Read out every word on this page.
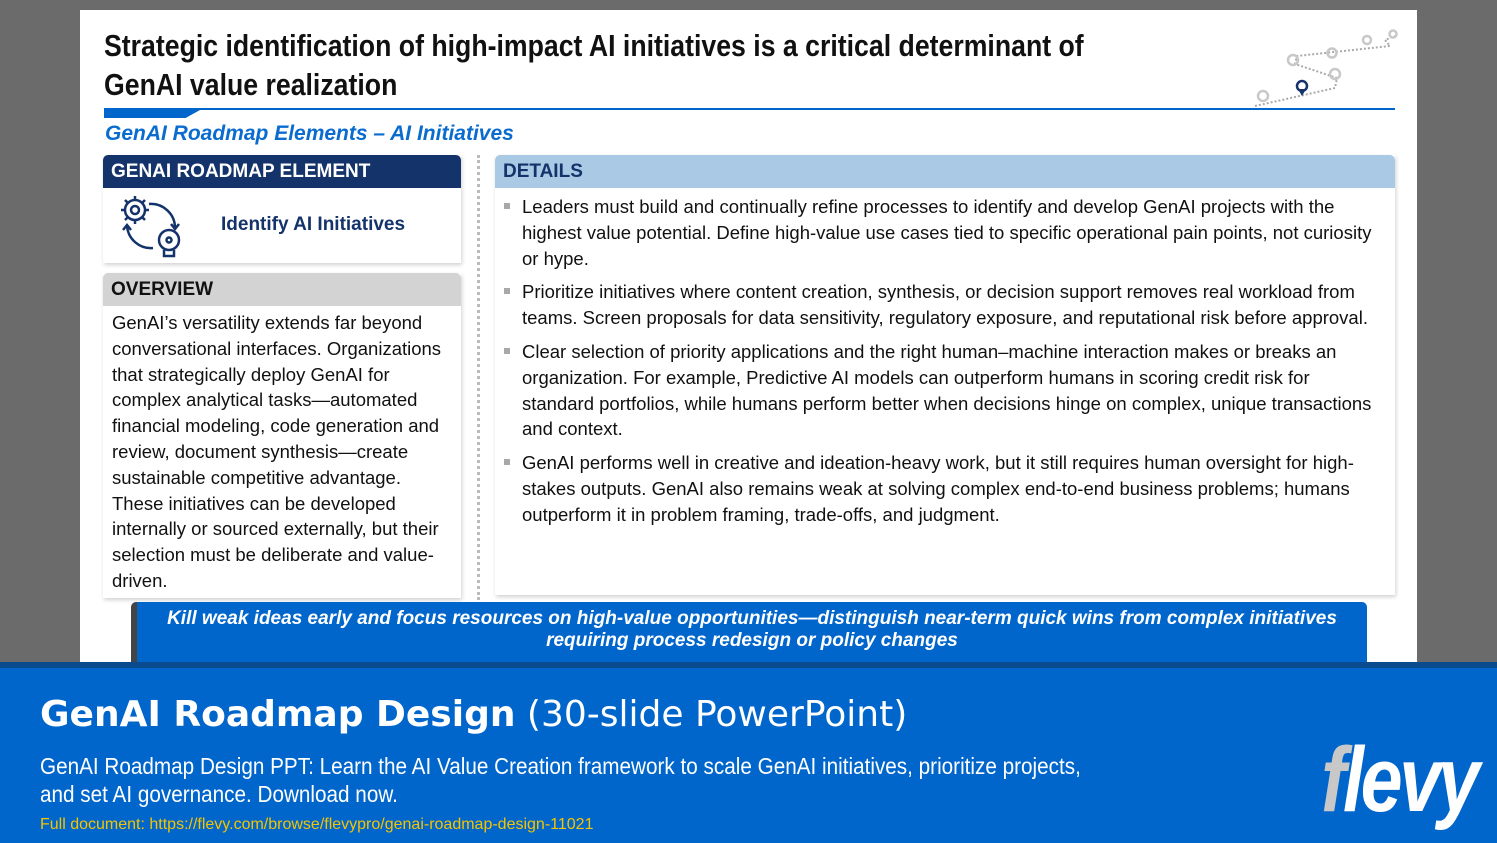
Strategic identification of high-impact AI initiatives is a critical determinant of GenAI value realization
GenAI Roadmap Elements – AI Initiatives
GENAI ROADMAP ELEMENT
Identify AI Initiatives
OVERVIEW
GenAI’s versatility extends far beyond conversational interfaces. Organizations that strategically deploy GenAI for complex analytical tasks—automated financial modeling, code generation and review, document synthesis—create sustainable competitive advantage. These initiatives can be developed internally or sourced externally, but their selection must be deliberate and value-driven.
DETAILS
Leaders must build and continually refine processes to identify and develop GenAI projects with the highest value potential. Define high-value use cases tied to specific operational pain points, not curiosity or hype.
Prioritize initiatives where content creation, synthesis, or decision support removes real workload from teams. Screen proposals for data sensitivity, regulatory exposure, and reputational risk before approval.
Clear selection of priority applications and the right human–machine interaction makes or breaks an organization. For example, Predictive AI models can outperform humans in scoring credit risk for standard portfolios, while humans perform better when decisions hinge on complex, unique transactions and context.
GenAI performs well in creative and ideation-heavy work, but it still requires human oversight for high-stakes outputs. GenAI also remains weak at solving complex end-to-end business problems; humans outperform it in problem framing, trade-offs, and judgment.
Kill weak ideas early and focus resources on high-value opportunities—distinguish near-term quick wins from complex initiatives requiring process redesign or policy changes
GenAI Roadmap Design (30-slide PowerPoint)
GenAI Roadmap Design PPT: Learn the AI Value Creation framework to scale GenAI initiatives, prioritize projects, and set AI governance. Download now.
Full document: https://flevy.com/browse/flevypro/genai-roadmap-design-11021	flevy
